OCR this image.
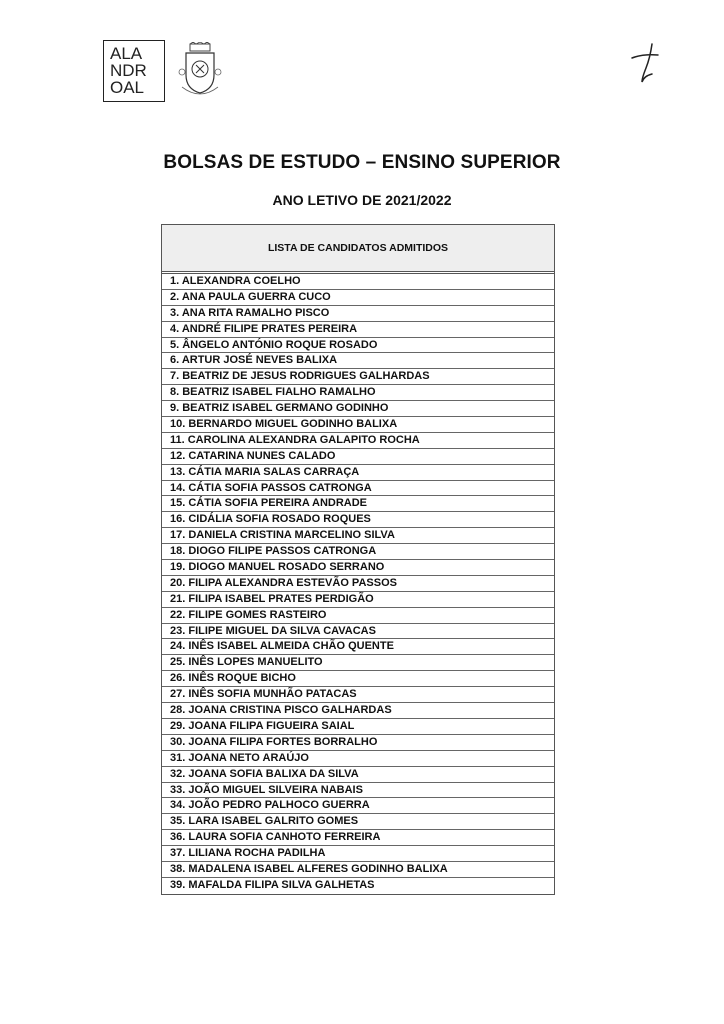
ALA
NDR
OAL
BOLSAS DE ESTUDO – ENSINO SUPERIOR
ANO LETIVO DE 2021/2022
LISTA DE CANDIDATOS ADMITIDOS
1. ALEXANDRA COELHO
2. ANA PAULA GUERRA CUCO
3. ANA RITA RAMALHO PISCO
4. ANDRÉ FILIPE PRATES PEREIRA
5. ÂNGELO ANTÓNIO ROQUE ROSADO
6. ARTUR JOSÉ NEVES BALIXA
7. BEATRIZ DE JESUS RODRIGUES GALHARDAS
8. BEATRIZ ISABEL FIALHO RAMALHO
9. BEATRIZ ISABEL GERMANO GODINHO
10. BERNARDO MIGUEL GODINHO BALIXA
11. CAROLINA ALEXANDRA GALAPITO ROCHA
12. CATARINA NUNES CALADO
13. CÁTIA MARIA SALAS CARRAÇA
14. CÁTIA SOFIA PASSOS CATRONGA
15. CÁTIA SOFIA PEREIRA ANDRADE
16. CIDÁLIA SOFIA ROSADO ROQUES
17. DANIELA CRISTINA MARCELINO SILVA
18. DIOGO FILIPE PASSOS CATRONGA
19. DIOGO MANUEL ROSADO SERRANO
20. FILIPA ALEXANDRA ESTEVÃO PASSOS
21. FILIPA ISABEL PRATES PERDIGÃO
22. FILIPE GOMES RASTEIRO
23. FILIPE MIGUEL DA SILVA CAVACAS
24. INÊS ISABEL ALMEIDA CHÃO QUENTE
25. INÊS LOPES MANUELITO
26. INÊS ROQUE BICHO
27. INÊS SOFIA MUNHÃO PATACAS
28. JOANA CRISTINA PISCO GALHARDAS
29. JOANA FILIPA FIGUEIRA SAIAL
30. JOANA FILIPA FORTES BORRALHO
31. JOANA NETO ARAÚJO
32. JOANA SOFIA BALIXA DA SILVA
33. JOÃO MIGUEL SILVEIRA NABAIS
34. JOÃO PEDRO PALHOCO GUERRA
35. LARA ISABEL GALRITO GOMES
36. LAURA SOFIA CANHOTO FERREIRA
37. LILIANA ROCHA PADILHA
38. MADALENA ISABEL ALFERES GODINHO BALIXA
39. MAFALDA FILIPA SILVA GALHETAS
